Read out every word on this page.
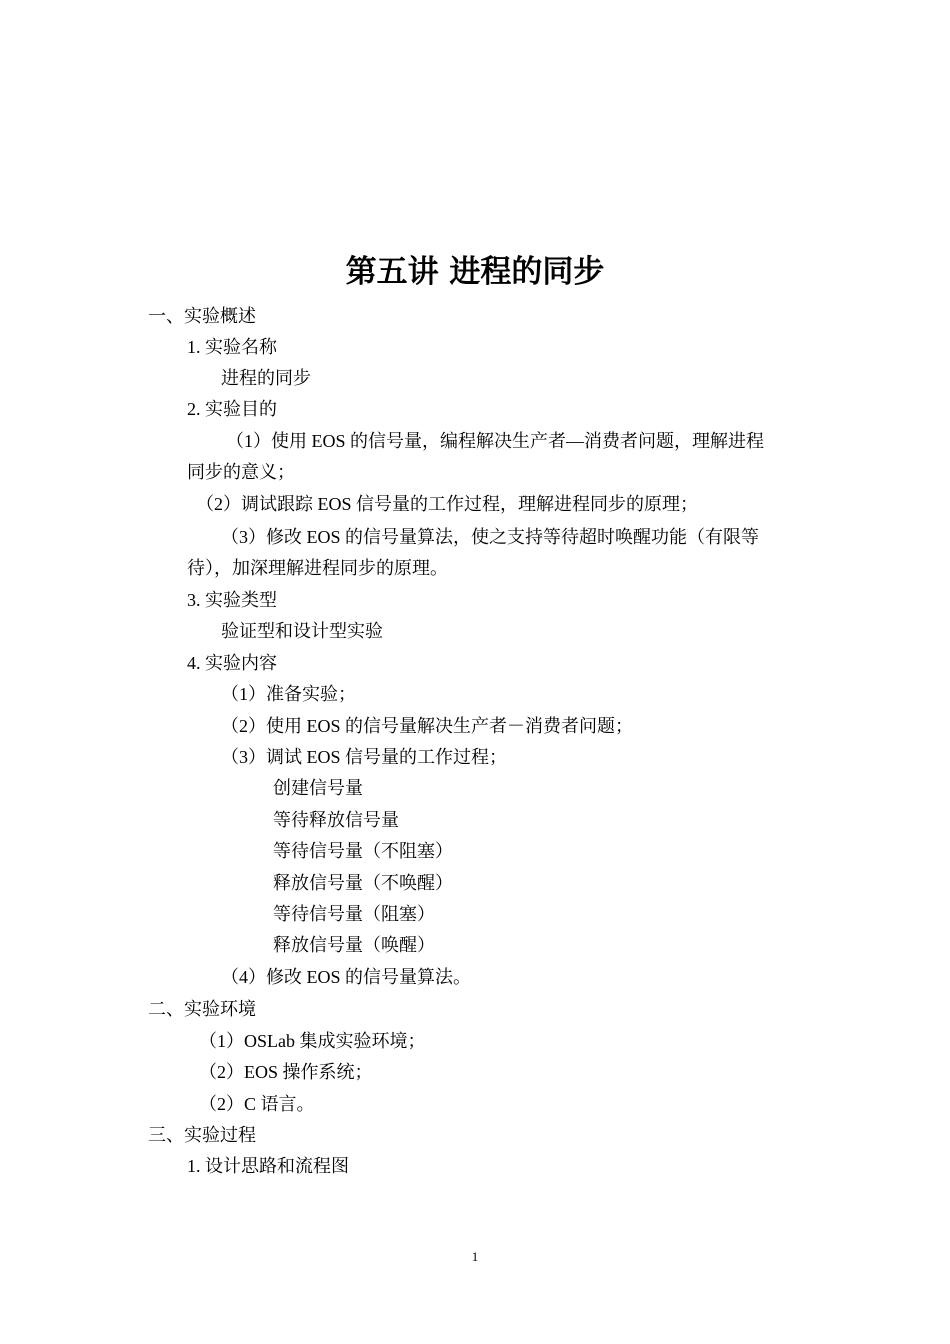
第五讲 进程的同步

一、实验概述

1. 实验名称

进程的同步

2. 实验目的

（1）使用 EOS 的信号量，编程解决生产者—消费者问题，理解进程

同步的意义；

（2）调试跟踪 EOS 信号量的工作过程，理解进程同步的原理；

（3）修改 EOS 的信号量算法，使之支持等待超时唤醒功能（有限等

待），加深理解进程同步的原理。

3. 实验类型

验证型和设计型实验

4. 实验内容

（1）准备实验；

（2）使用 EOS 的信号量解决生产者－消费者问题；

（3）调试 EOS 信号量的工作过程；

创建信号量

等待释放信号量

等待信号量（不阻塞）

释放信号量（不唤醒）

等待信号量（阻塞）

释放信号量（唤醒）

（4）修改 EOS 的信号量算法。

二、实验环境

（1）OSLab 集成实验环境；

（2）EOS 操作系统；

（2）C 语言。

三、实验过程

1. 设计思路和流程图

1
